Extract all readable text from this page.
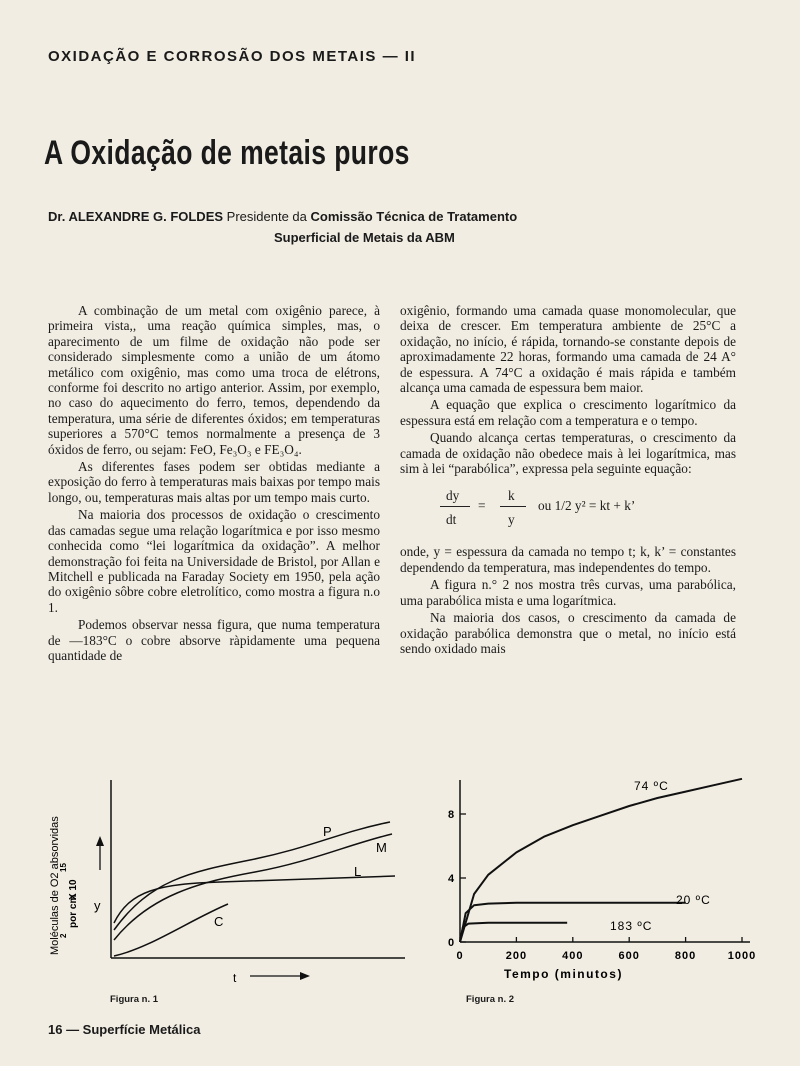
OXIDAÇÃO E CORROSÃO DOS METAIS — II
A Oxidação de metais puros
Dr. ALEXANDRE G. FOLDES Presidente da Comissão Técnica de Tratamento
Superficial de Metais da ABM

A combinação de um metal com oxigênio parece, à primeira vista,, uma reação química simples, mas, o aparecimento de um filme de oxidação não pode ser considerado simplesmente como a união de um átomo metálico com oxigênio, mas como uma troca de elétrons, conforme foi descrito no artigo anterior. Assim, por exemplo, no caso do aquecimento do ferro, temos, dependendo da temperatura, uma série de diferentes óxidos; em temperaturas superiores a 570°C temos normalmente a presença de 3 óxidos de ferro, ou sejam: FeO, Fe₃O₃ e FE₃O₄.

As diferentes fases podem ser obtidas mediante a exposição do ferro à temperaturas mais baixas por tempo mais longo, ou, temperaturas mais altas por um tempo mais curto.

Na maioria dos processos de oxidação o crescimento das camadas segue uma relação logarítmica e por isso mesmo conhecida como “lei logarítmica da oxidação”. A melhor demonstração foi feita na Universidade de Bristol, por Allan e Mitchell e publicada na Faraday Society em 1950, pela ação do oxigênio sôbre cobre eletrolítico, como mostra a figura n.o 1.

Podemos observar nessa figura, que numa temperatura de —183°C o cobre absorve ràpidamente uma pequena quantidade de

oxigênio, formando uma camada quase monomolecular, que deixa de crescer. Em temperatura ambiente de 25°C a oxidação, no início, é rápida, tornando-se constante depois de aproximadamente 22 horas, formando uma camada de 24 A° de espessura. A 74°C a oxidação é mais rápida e também alcança uma camada de espessura bem maior.

A equação que explica o crescimento logarítmico da espessura está em relação com a temperatura e o tempo.

Quando alcança certas temperaturas, o crescimento da camada de oxidação não obedece mais à lei logarítmica, mas sim à lei “parabólica”, expressa pela seguinte equação:

dy
dt
=
k
y
ou 1/2 y² = kt + k’

onde, y = espessura da camada no tempo t; k, k’ = constantes dependendo da temperatura, mas independentes do tempo.

A figura n.° 2 nos mostra três curvas, uma parabólica, uma parabólica mista e uma logarítmica.

Na maioria dos casos, o crescimento da camada de oxidação parabólica demonstra que o metal, no início está sendo oxidado mais

Moléculas de O2 absorvidas por cm
2
X 10
15
y
t
P
M
L
C
Figura n. 1
0
4
8
0	200	400	600	800	1000
74 ºC
20 ºC
183 ºC
Tempo (minutos)
Figura n. 2
16 — Superfície Metálica
